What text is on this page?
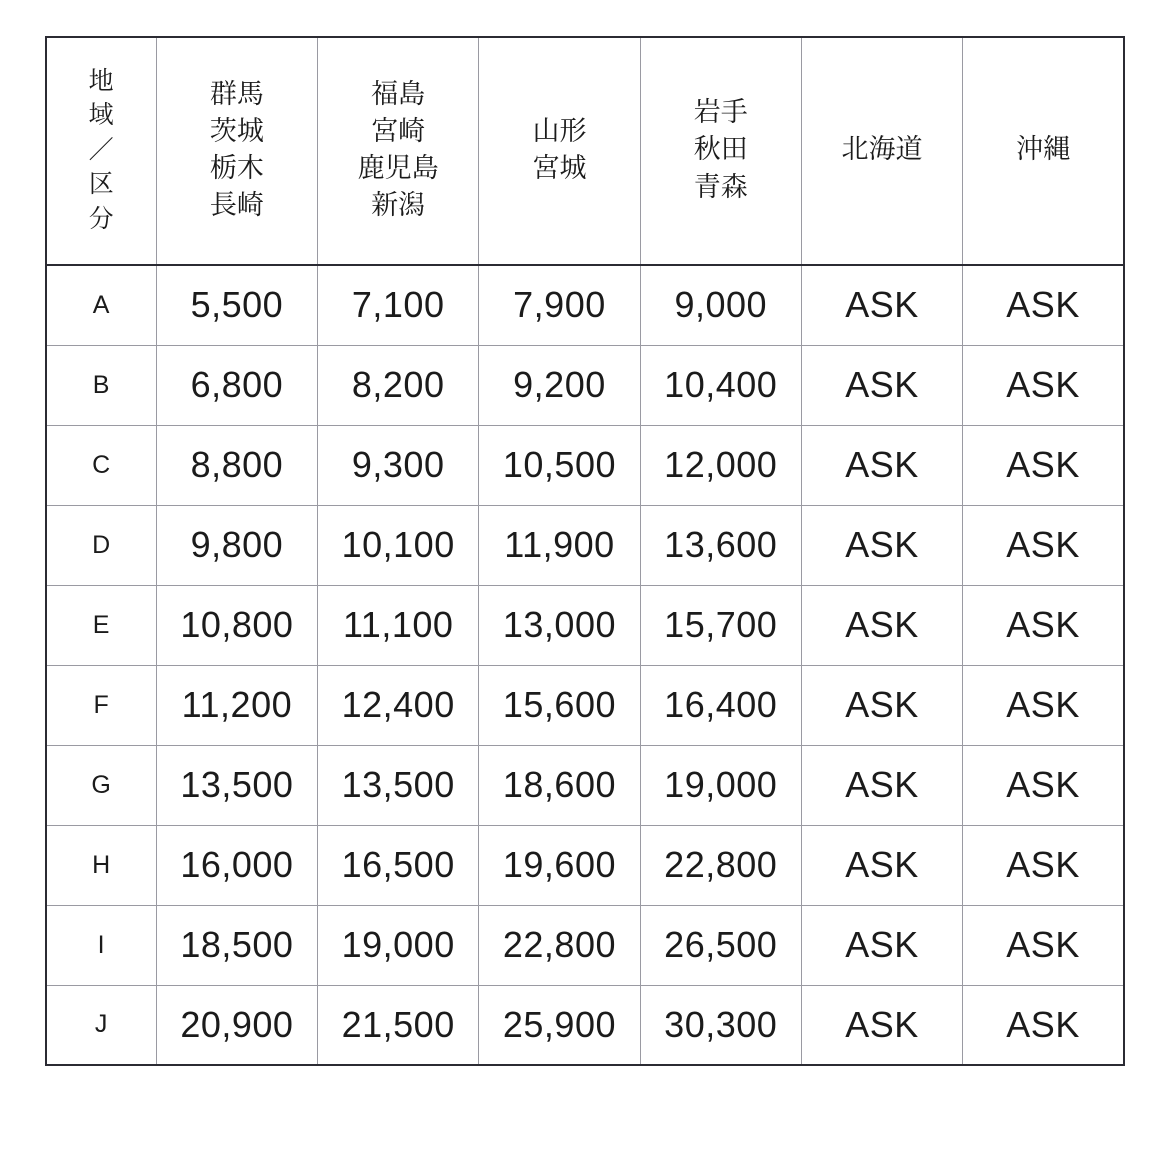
地
域
／
区
分	群馬
茨城
栃木
長崎	福島
宮崎
鹿児島
新潟	山形
宮城	岩手
秋田
青森	北海道	沖縄

A	5,500	7,100	7,900	9,000	ASK	ASK
B	6,800	8,200	9,200	10,400	ASK	ASK
C	8,800	9,300	10,500	12,000	ASK	ASK
D	9,800	10,100	11,900	13,600	ASK	ASK
E	10,800	11,100	13,000	15,700	ASK	ASK
F	11,200	12,400	15,600	16,400	ASK	ASK
G	13,500	13,500	18,600	19,000	ASK	ASK
H	16,000	16,500	19,600	22,800	ASK	ASK
I	18,500	19,000	22,800	26,500	ASK	ASK
J	20,900	21,500	25,900	30,300	ASK	ASK
